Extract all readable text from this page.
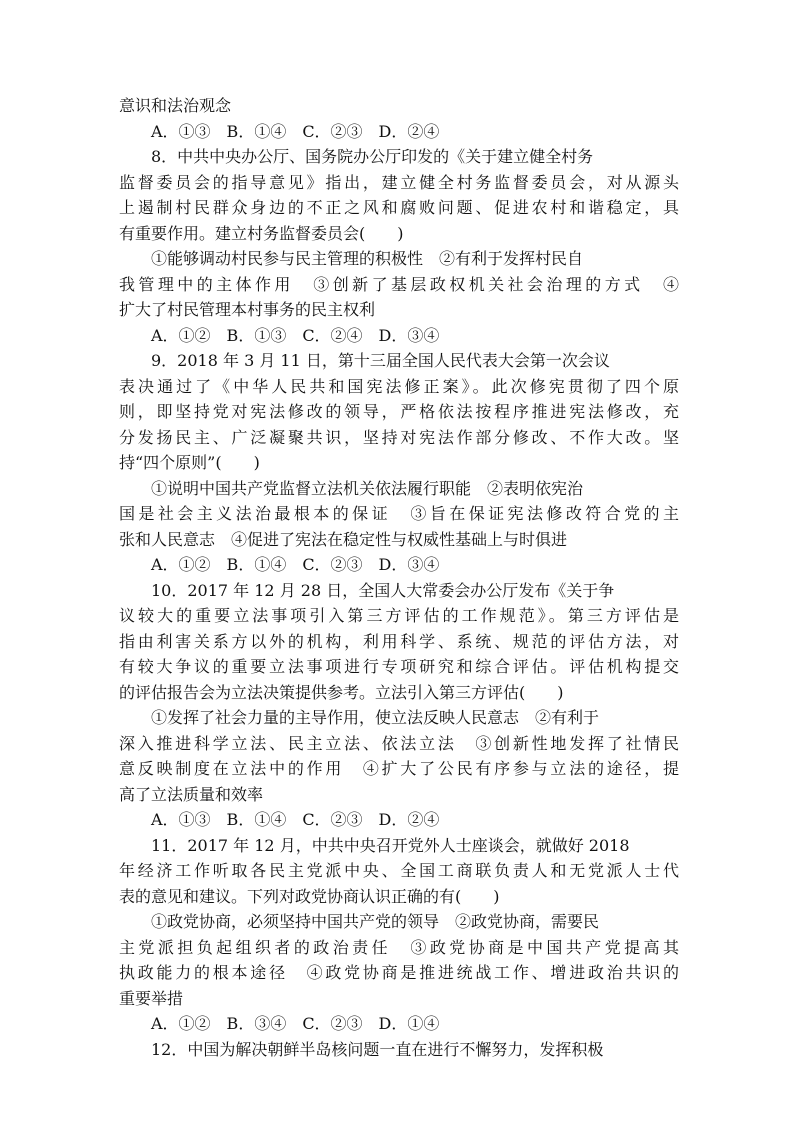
意识和法治观念

A．①③　B．①④　C．②③　D．②④

8．中共中央办公厅、国务院办公厅印发的《关于建立健全村务

监督委员会的指导意见》指出，建立健全村务监督委员会，对从源头

上遏制村民群众身边的不正之风和腐败问题、促进农村和谐稳定，具

有重要作用。建立村务监督委员会(　　)

①能够调动村民参与民主管理的积极性　②有利于发挥村民自

我管理中的主体作用　③创新了基层政权机关社会治理的方式　④

扩大了村民管理本村事务的民主权利

A．①②　B．①③　C．②④　D．③④

9．2018 年 3 月 11 日，第十三届全国人民代表大会第一次会议

表决通过了《中华人民共和国宪法修正案》。此次修宪贯彻了四个原

则，即坚持党对宪法修改的领导，严格依法按程序推进宪法修改，充

分发扬民主、广泛凝聚共识，坚持对宪法作部分修改、不作大改。坚

持“四个原则”(　　)

①说明中国共产党监督立法机关依法履行职能　②表明依宪治

国是社会主义法治最根本的保证　③旨在保证宪法修改符合党的主

张和人民意志　④促进了宪法在稳定性与权威性基础上与时俱进

A．①②　B．①④　C．②③　D．③④

10．2017 年 12 月 28 日，全国人大常委会办公厅发布《关于争

议较大的重要立法事项引入第三方评估的工作规范》。第三方评估是

指由利害关系方以外的机构，利用科学、系统、规范的评估方法，对

有较大争议的重要立法事项进行专项研究和综合评估。评估机构提交

的评估报告会为立法决策提供参考。立法引入第三方评估(　　)

①发挥了社会力量的主导作用，使立法反映人民意志　②有利于

深入推进科学立法、民主立法、依法立法　③创新性地发挥了社情民

意反映制度在立法中的作用　④扩大了公民有序参与立法的途径，提

高了立法质量和效率

A．①③　B．①④　C．②③　D．②④

11．2017 年 12 月，中共中央召开党外人士座谈会，就做好 2018

年经济工作听取各民主党派中央、全国工商联负责人和无党派人士代

表的意见和建议。下列对政党协商认识正确的有(　　)

①政党协商，必须坚持中国共产党的领导　②政党协商，需要民

主党派担负起组织者的政治责任　③政党协商是中国共产党提高其

执政能力的根本途径　④政党协商是推进统战工作、增进政治共识的

重要举措

A．①②　B．③④　C．②③　D．①④

12．中国为解决朝鲜半岛核问题一直在进行不懈努力，发挥积极
